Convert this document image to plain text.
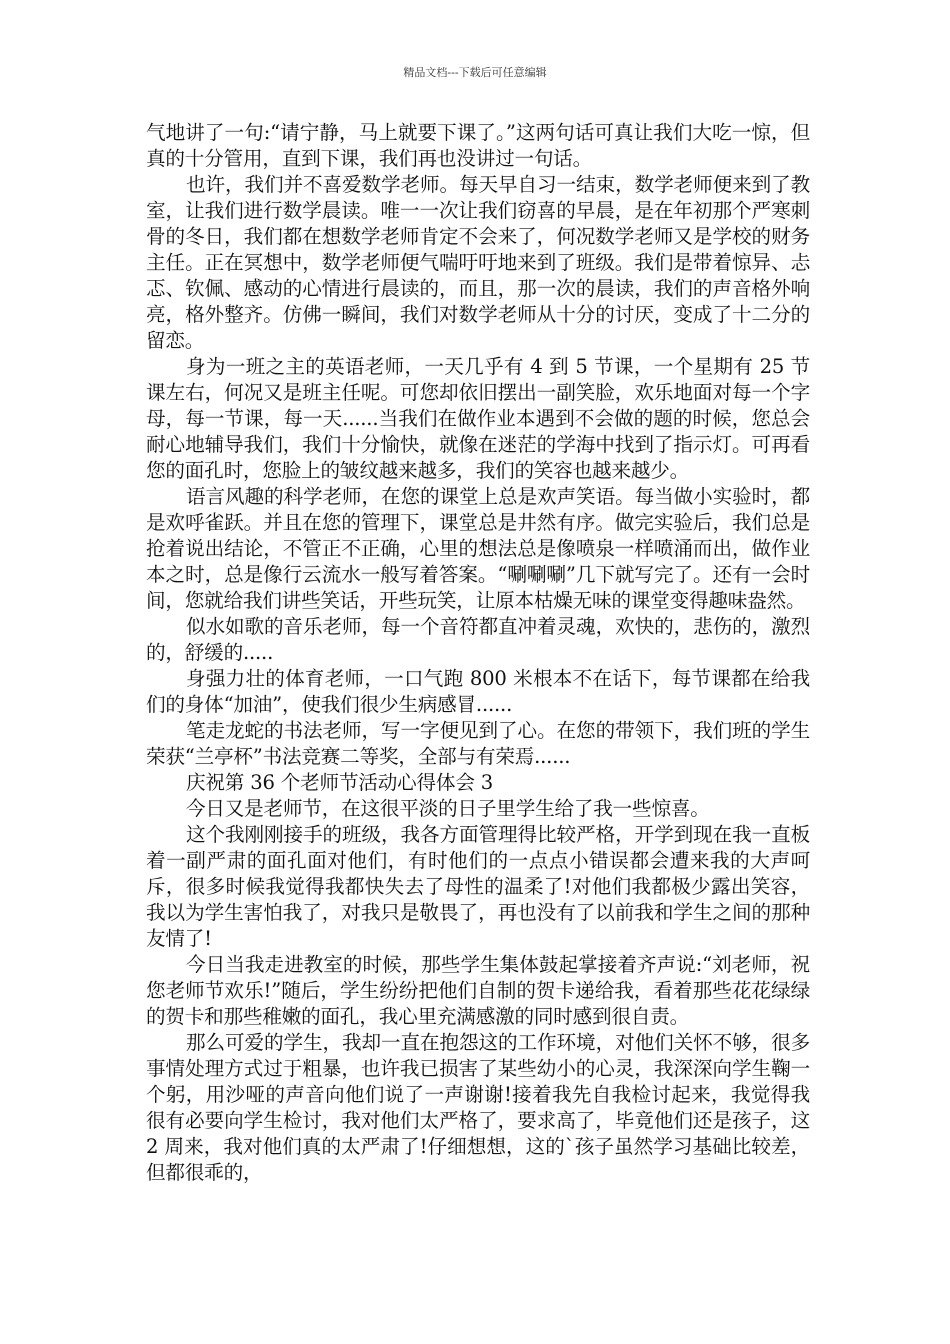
精品文档---下载后可任意编辑

气地讲了一句:“请宁静，马上就要下课了。”这两句话可真让我们大吃一惊，但真的十分管用，直到下课，我们再也没讲过一句话。

也许，我们并不喜爱数学老师。每天早自习一结束，数学老师便来到了教室，让我们进行数学晨读。唯一一次让我们窃喜的早晨，是在年初那个严寒刺骨的冬日，我们都在想数学老师肯定不会来了，何况数学老师又是学校的财务主任。正在冥想中，数学老师便气喘吁吁地来到了班级。我们是带着惊异、忐忑、钦佩、感动的心情进行晨读的，而且，那一次的晨读，我们的声音格外响亮，格外整齐。仿佛一瞬间，我们对数学老师从十分的讨厌，变成了十二分的留恋。

身为一班之主的英语老师，一天几乎有 4 到 5 节课，一个星期有 25 节课左右，何况又是班主任呢。可您却依旧摆出一副笑脸，欢乐地面对每一个字母，每一节课，每一天......当我们在做作业本遇到不会做的题的时候，您总会耐心地辅导我们，我们十分愉快，就像在迷茫的学海中找到了指示灯。可再看您的面孔时，您脸上的皱纹越来越多，我们的笑容也越来越少。

语言风趣的科学老师，在您的课堂上总是欢声笑语。每当做小实验时，都是欢呼雀跃。并且在您的管理下，课堂总是井然有序。做完实验后，我们总是抢着说出结论，不管正不正确，心里的想法总是像喷泉一样喷涌而出，做作业本之时，总是像行云流水一般写着答案。“唰唰唰”几下就写完了。还有一会时间，您就给我们讲些笑话，开些玩笑，让原本枯燥无味的课堂变得趣味盎然。

似水如歌的音乐老师，每一个音符都直冲着灵魂，欢快的，悲伤的，激烈的，舒缓的.....

身强力壮的体育老师，一口气跑 800 米根本不在话下，每节课都在给我们的身体“加油”，使我们很少生病感冒......

笔走龙蛇的书法老师，写一字便见到了心。在您的带领下，我们班的学生荣获“兰亭杯”书法竞赛二等奖，全部与有荣焉......

庆祝第 36 个老师节活动心得体会 3

今日又是老师节，在这很平淡的日子里学生给了我一些惊喜。

这个我刚刚接手的班级，我各方面管理得比较严格，开学到现在我一直板着一副严肃的面孔面对他们，有时他们的一点点小错误都会遭来我的大声呵斥，很多时候我觉得我都快失去了母性的温柔了!对他们我都极少露出笑容，我以为学生害怕我了，对我只是敬畏了，再也没有了以前我和学生之间的那种友情了!

今日当我走进教室的时候，那些学生集体鼓起掌接着齐声说:“刘老师，祝您老师节欢乐!”随后，学生纷纷把他们自制的贺卡递给我，看着那些花花绿绿的贺卡和那些稚嫩的面孔，我心里充满感激的同时感到很自责。

那么可爱的学生，我却一直在抱怨这的工作环境，对他们关怀不够，很多事情处理方式过于粗暴，也许我已损害了某些幼小的心灵，我深深向学生鞠一个躬，用沙哑的声音向他们说了一声谢谢!接着我先自我检讨起来，我觉得我很有必要向学生检讨，我对他们太严格了，要求高了，毕竟他们还是孩子，这 2 周来，我对他们真的太严肃了!仔细想想，这的`孩子虽然学习基础比较差，但都很乖的，
